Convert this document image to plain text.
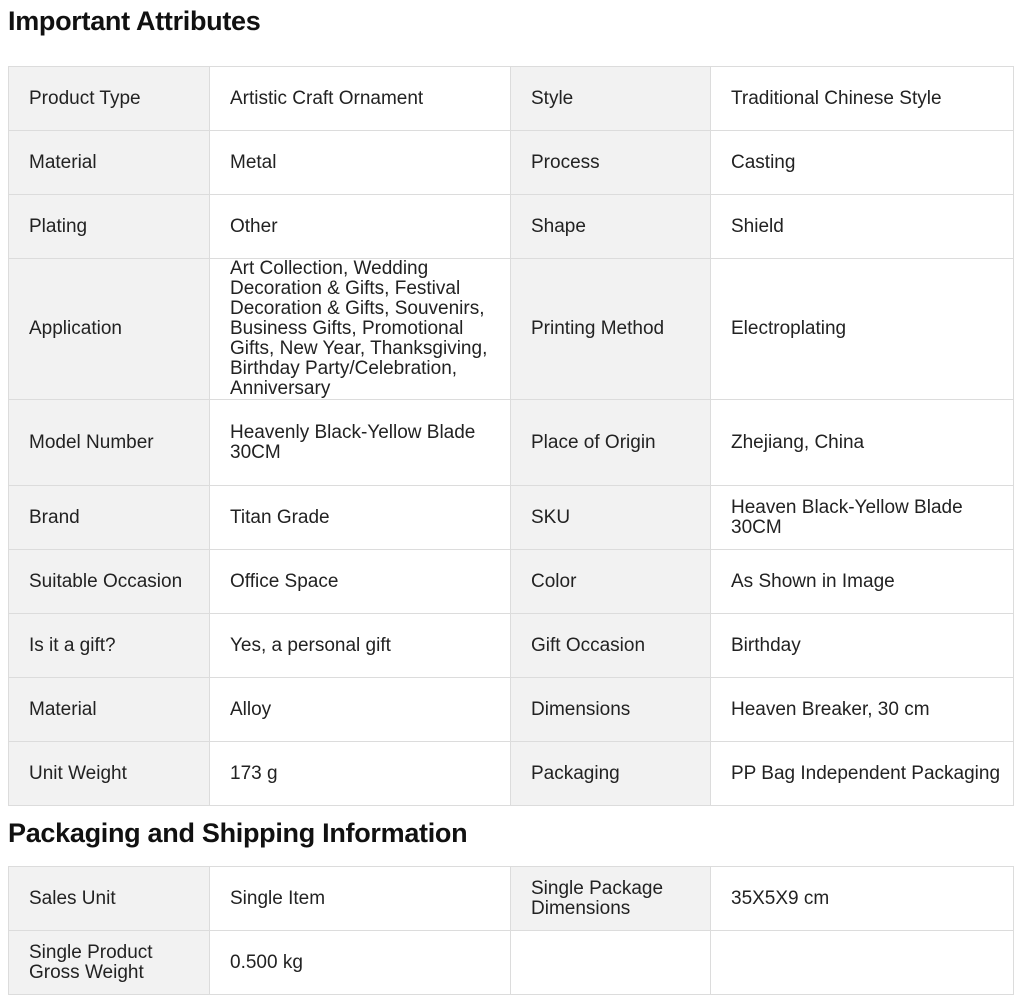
Important Attributes
Product Type	Artistic Craft Ornament	Style	Traditional Chinese Style
Material	Metal	Process	Casting
Plating	Other	Shape	Shield
Application	Art Collection, Wedding Decoration & Gifts, Festival Decoration & Gifts, Souvenirs, Business Gifts, Promotional Gifts, New Year, Thanksgiving, Birthday Party/Celebration, Anniversary	Printing Method	Electroplating
Model Number	Heavenly Black-Yellow Blade 30CM	Place of Origin	Zhejiang, China
Brand	Titan Grade	SKU	Heaven Black-Yellow Blade 30CM
Suitable Occasion	Office Space	Color	As Shown in Image
Is it a gift?	Yes, a personal gift	Gift Occasion	Birthday
Material	Alloy	Dimensions	Heaven Breaker, 30 cm
Unit Weight	173 g	Packaging	PP Bag Independent Packaging
Packaging and Shipping Information
Sales Unit	Single Item	Single Package Dimensions	35X5X9 cm
Single Product Gross Weight	0.500 kg		
